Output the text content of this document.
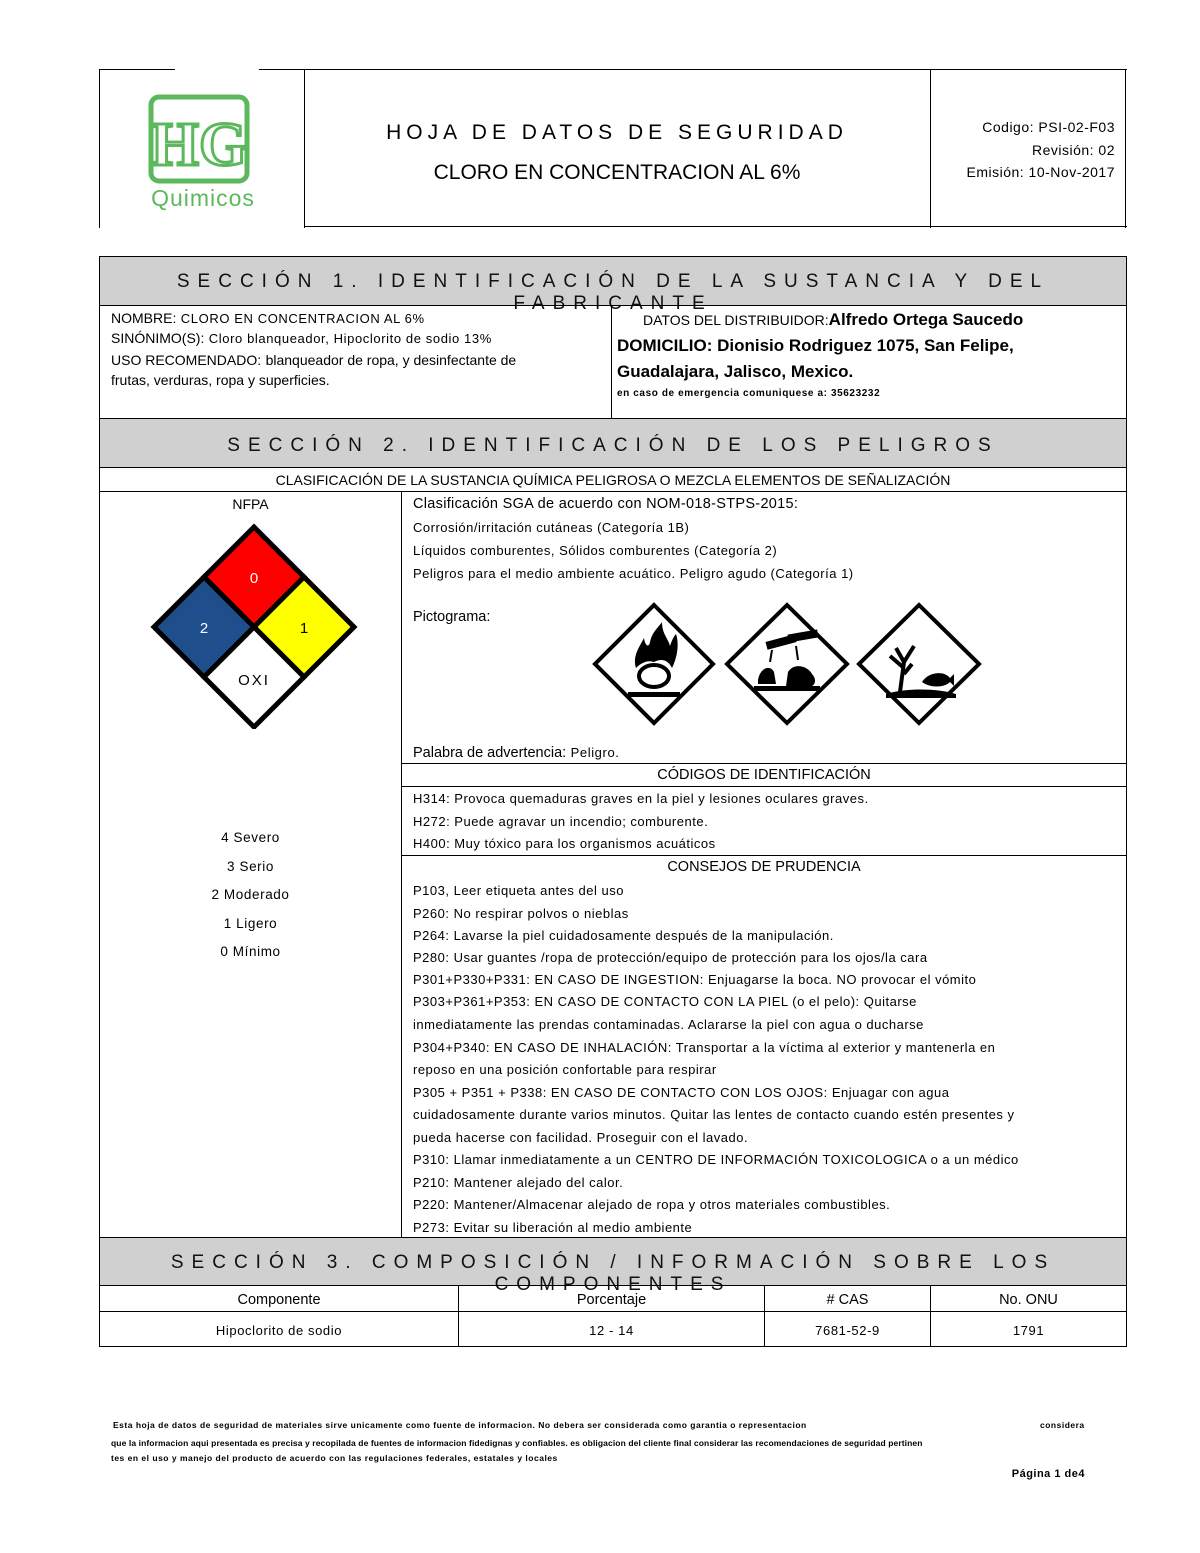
HG
Quimicos
HOJA DE DATOS DE SEGURIDAD
CLORO EN CONCENTRACION AL 6%
Codigo: PSI-02-F03
Revisión: 02
Emisión: 10-Nov-2017
SECCIÓN 1. IDENTIFICACIÓN DE LA SUSTANCIA Y DEL FABRICANTE
NOMBRE: CLORO EN CONCENTRACION AL 6%
SINÓNIMO(S): Cloro blanqueador, Hipoclorito de sodio 13%
USO RECOMENDADO: blanqueador de ropa, y desinfectante de
frutas, verduras, ropa y superficies.
DATOS DEL DISTRIBUIDOR:Alfredo Ortega Saucedo
DOMICILIO: Dionisio Rodriguez 1075, San Felipe,
Guadalajara, Jalisco, Mexico.
en caso de emergencia comuniquese a: 35623232
SECCIÓN 2. IDENTIFICACIÓN DE LOS PELIGROS
CLASIFICACIÓN DE LA SUSTANCIA QUÍMICA PELIGROSA O MEZCLA ELEMENTOS DE SEÑALIZACIÓN
NFPA
0
2	1
OXI
4 Severo
3 Serio
2 Moderado
1 Ligero
0 Mínimo
Clasificación SGA de acuerdo con NOM-018-STPS-2015:
Corrosión/irritación cutáneas (Categoría 1B)
Líquidos comburentes, Sólidos comburentes (Categoría 2)
Peligros para el medio ambiente acuático. Peligro agudo (Categoría 1)
Pictograma:
Palabra de advertencia: Peligro.
CÓDIGOS DE IDENTIFICACIÓN
H314: Provoca quemaduras graves en la piel y lesiones oculares graves.
H272: Puede agravar un incendio; comburente.
H400: Muy tóxico para los organismos acuáticos
CONSEJOS DE PRUDENCIA
P103, Leer etiqueta antes del uso
P260: No respirar polvos o nieblas
P264: Lavarse la piel cuidadosamente después de la manipulación.
P280: Usar guantes /ropa de protección/equipo de protección para los ojos/la cara
P301+P330+P331: EN CASO DE INGESTION: Enjuagarse la boca. NO provocar el vómito
P303+P361+P353: EN CASO DE CONTACTO CON LA PIEL (o el pelo): Quitarse
inmediatamente las prendas contaminadas. Aclararse la piel con agua o ducharse
P304+P340: EN CASO DE INHALACIÓN: Transportar a la víctima al exterior y mantenerla en
reposo en una posición confortable para respirar
P305 + P351 + P338: EN CASO DE CONTACTO CON LOS OJOS: Enjuagar con agua
cuidadosamente durante varios minutos. Quitar las lentes de contacto cuando estén presentes y
pueda hacerse con facilidad. Proseguir con el lavado.
P310: Llamar inmediatamente a un CENTRO DE INFORMACIÓN TOXICOLOGICA o a un médico
P210: Mantener alejado del calor.
P220: Mantener/Almacenar alejado de ropa y otros materiales combustibles.
P273: Evitar su liberación al medio ambiente
SECCIÓN 3. COMPOSICIÓN / INFORMACIÓN SOBRE LOS COMPONENTES
Componente	Porcentaje	# CAS	No. ONU
Hipoclorito de sodio	12 - 14	7681-52-9	1791
Esta hoja de datos de seguridad de materiales sirve unicamente como fuente de informacion. No debera ser considerada como garantia o representacion	considera
que la informacion aqui presentada es precisa y recopilada de fuentes de informacion fidedignas y confiables. es obligacion del cliente final considerar las recomendaciones de seguridad pertinen
tes en el uso y manejo del producto de acuerdo con las regulaciones federales, estatales y locales
Página 1 de4
